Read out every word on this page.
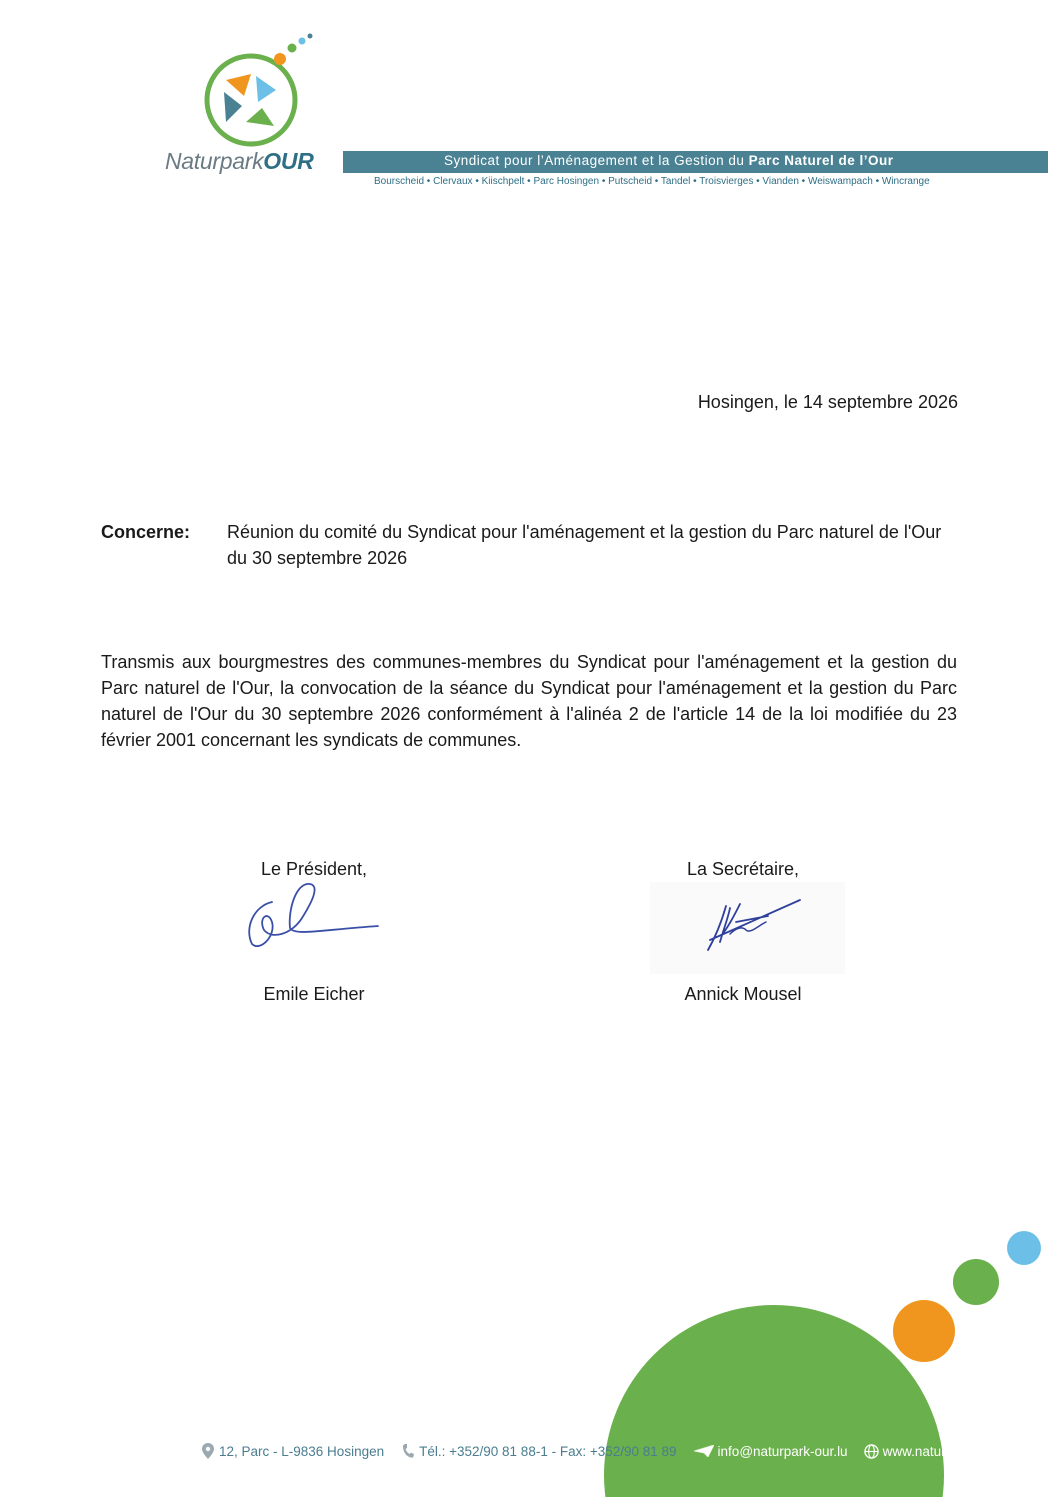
NaturparkOUR	Syndicat pour l’Aménagement et la Gestion du Parc Naturel de l’Our
Bourscheid • Clervaux • Kiischpelt • Parc Hosingen • Putscheid • Tandel • Troisvierges • Vianden • Weiswampach • Wincrange
Hosingen, le 14 septembre 2026
Concerne: Réunion du comité du Syndicat pour l'aménagement et la gestion du Parc naturel de l'Our du 30 septembre 2026
Transmis aux bourgmestres des communes-membres du Syndicat pour l'aménagement et la gestion du Parc naturel de l'Our, la convocation de la séance du Syndicat pour l'aménagement et la gestion du Parc naturel de l'Our du 30 septembre 2026 conformément à l'alinéa 2 de l'article 14 de la loi modifiée du 23 février 2001 concernant les syndicats de communes.
Le Président,
Emile Eicher
La Secrétaire,
Annick Mousel
12, Parc - L-9836 Hosingen	Tél.: +352/90 81 88-1 - Fax: +352/90 81 89	info@naturpark-our.lu	www.naturpark-our.lu
